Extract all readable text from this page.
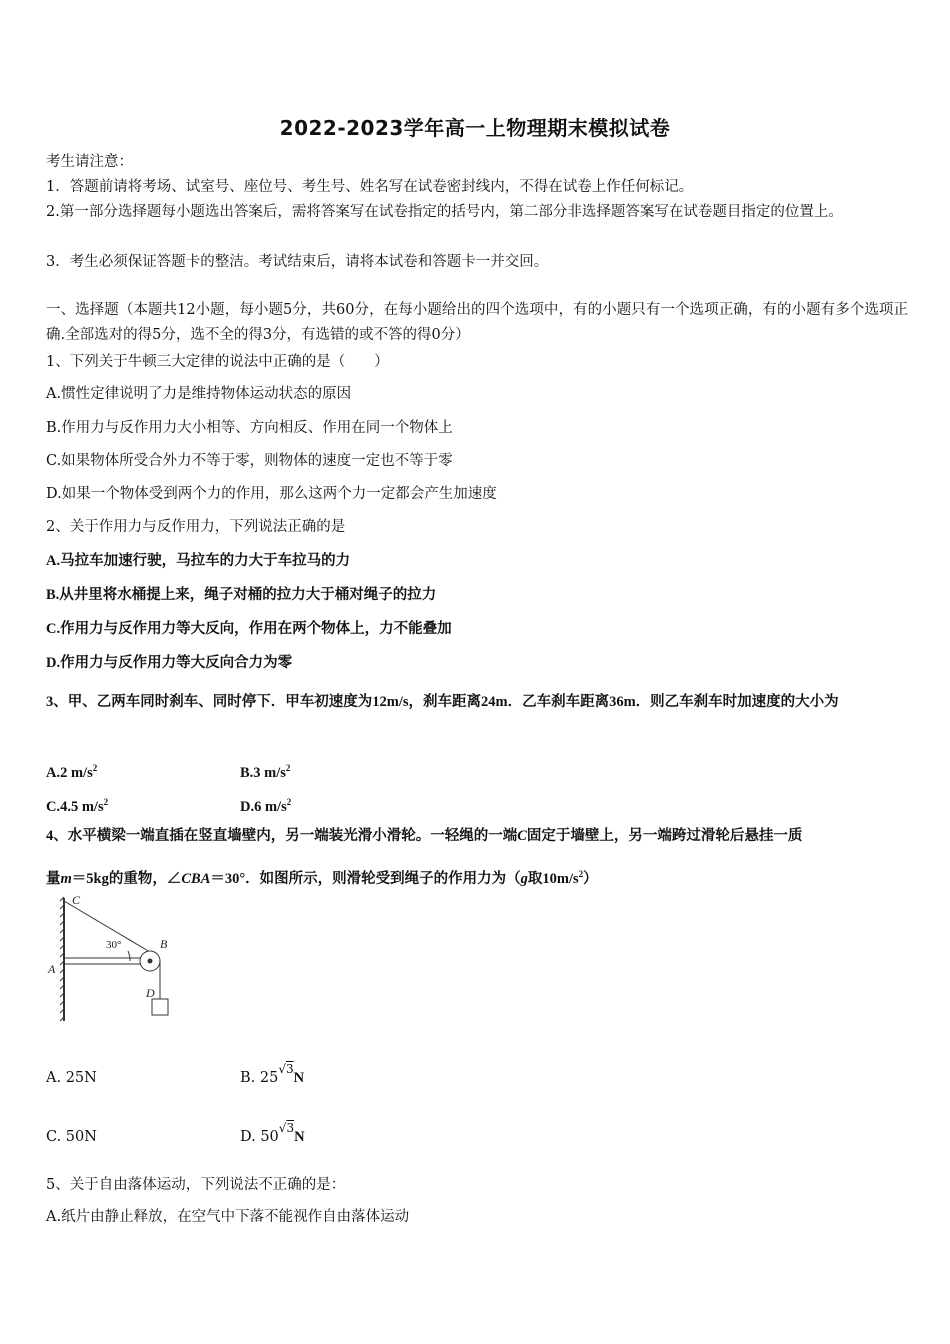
2022-2023学年高一上物理期末模拟试卷
考生请注意：
1．答题前请将考场、试室号、座位号、考生号、姓名写在试卷密封线内，不得在试卷上作任何标记。
2.第一部分选择题每小题选出答案后，需将答案写在试卷指定的括号内，第二部分非选择题答案写在试卷题目指定的位置上。
3．考生必须保证答题卡的整洁。考试结束后，请将本试卷和答题卡一并交回。
一、选择题（本题共12小题，每小题5分，共60分，在每小题给出的四个选项中，有的小题只有一个选项正确，有的小题有多个选项正确.全部选对的得5分，选不全的得3分，有选错的或不答的得0分）
1、下列关于牛顿三大定律的说法中正确的是（　　）
A.惯性定律说明了力是维持物体运动状态的原因
B.作用力与反作用力大小相等、方向相反、作用在同一个物体上
C.如果物体所受合外力不等于零，则物体的速度一定也不等于零
D.如果一个物体受到两个力的作用，那么这两个力一定都会产生加速度
2、关于作用力与反作用力，下列说法正确的是
A.马拉车加速行驶，马拉车的力大于车拉马的力
B.从井里将水桶提上来，绳子对桶的拉力大于桶对绳子的拉力
C.作用力与反作用力等大反向，作用在两个物体上，力不能叠加
D.作用力与反作用力等大反向合力为零
3、甲、乙两车同时刹车、同时停下．甲车初速度为12m/s，刹车距离24m．乙车刹车距离36m．则乙车刹车时加速度的大小为
A.2 $m/s^2$	B.3 $m/s^2$
C.4.5 $m/s^2$	D.6 $m/s^2$
4、水平横梁一端直插在竖直墙壁内，另一端装光滑小滑轮。一轻绳的一端C固定于墙壁上，另一端跨过滑轮后悬挂一质
量m＝5kg的重物，∠CBA＝30°．如图所示，则滑轮受到绳子的作用力为（g取$10m/s^2$）
C
30°	B
A
D
A. 25N	B. $25^{√3}N$
C. 50N	D. $50^{√3}N$
5、关于自由落体运动，下列说法不正确的是：
A.纸片由静止释放，在空气中下落不能视作自由落体运动
